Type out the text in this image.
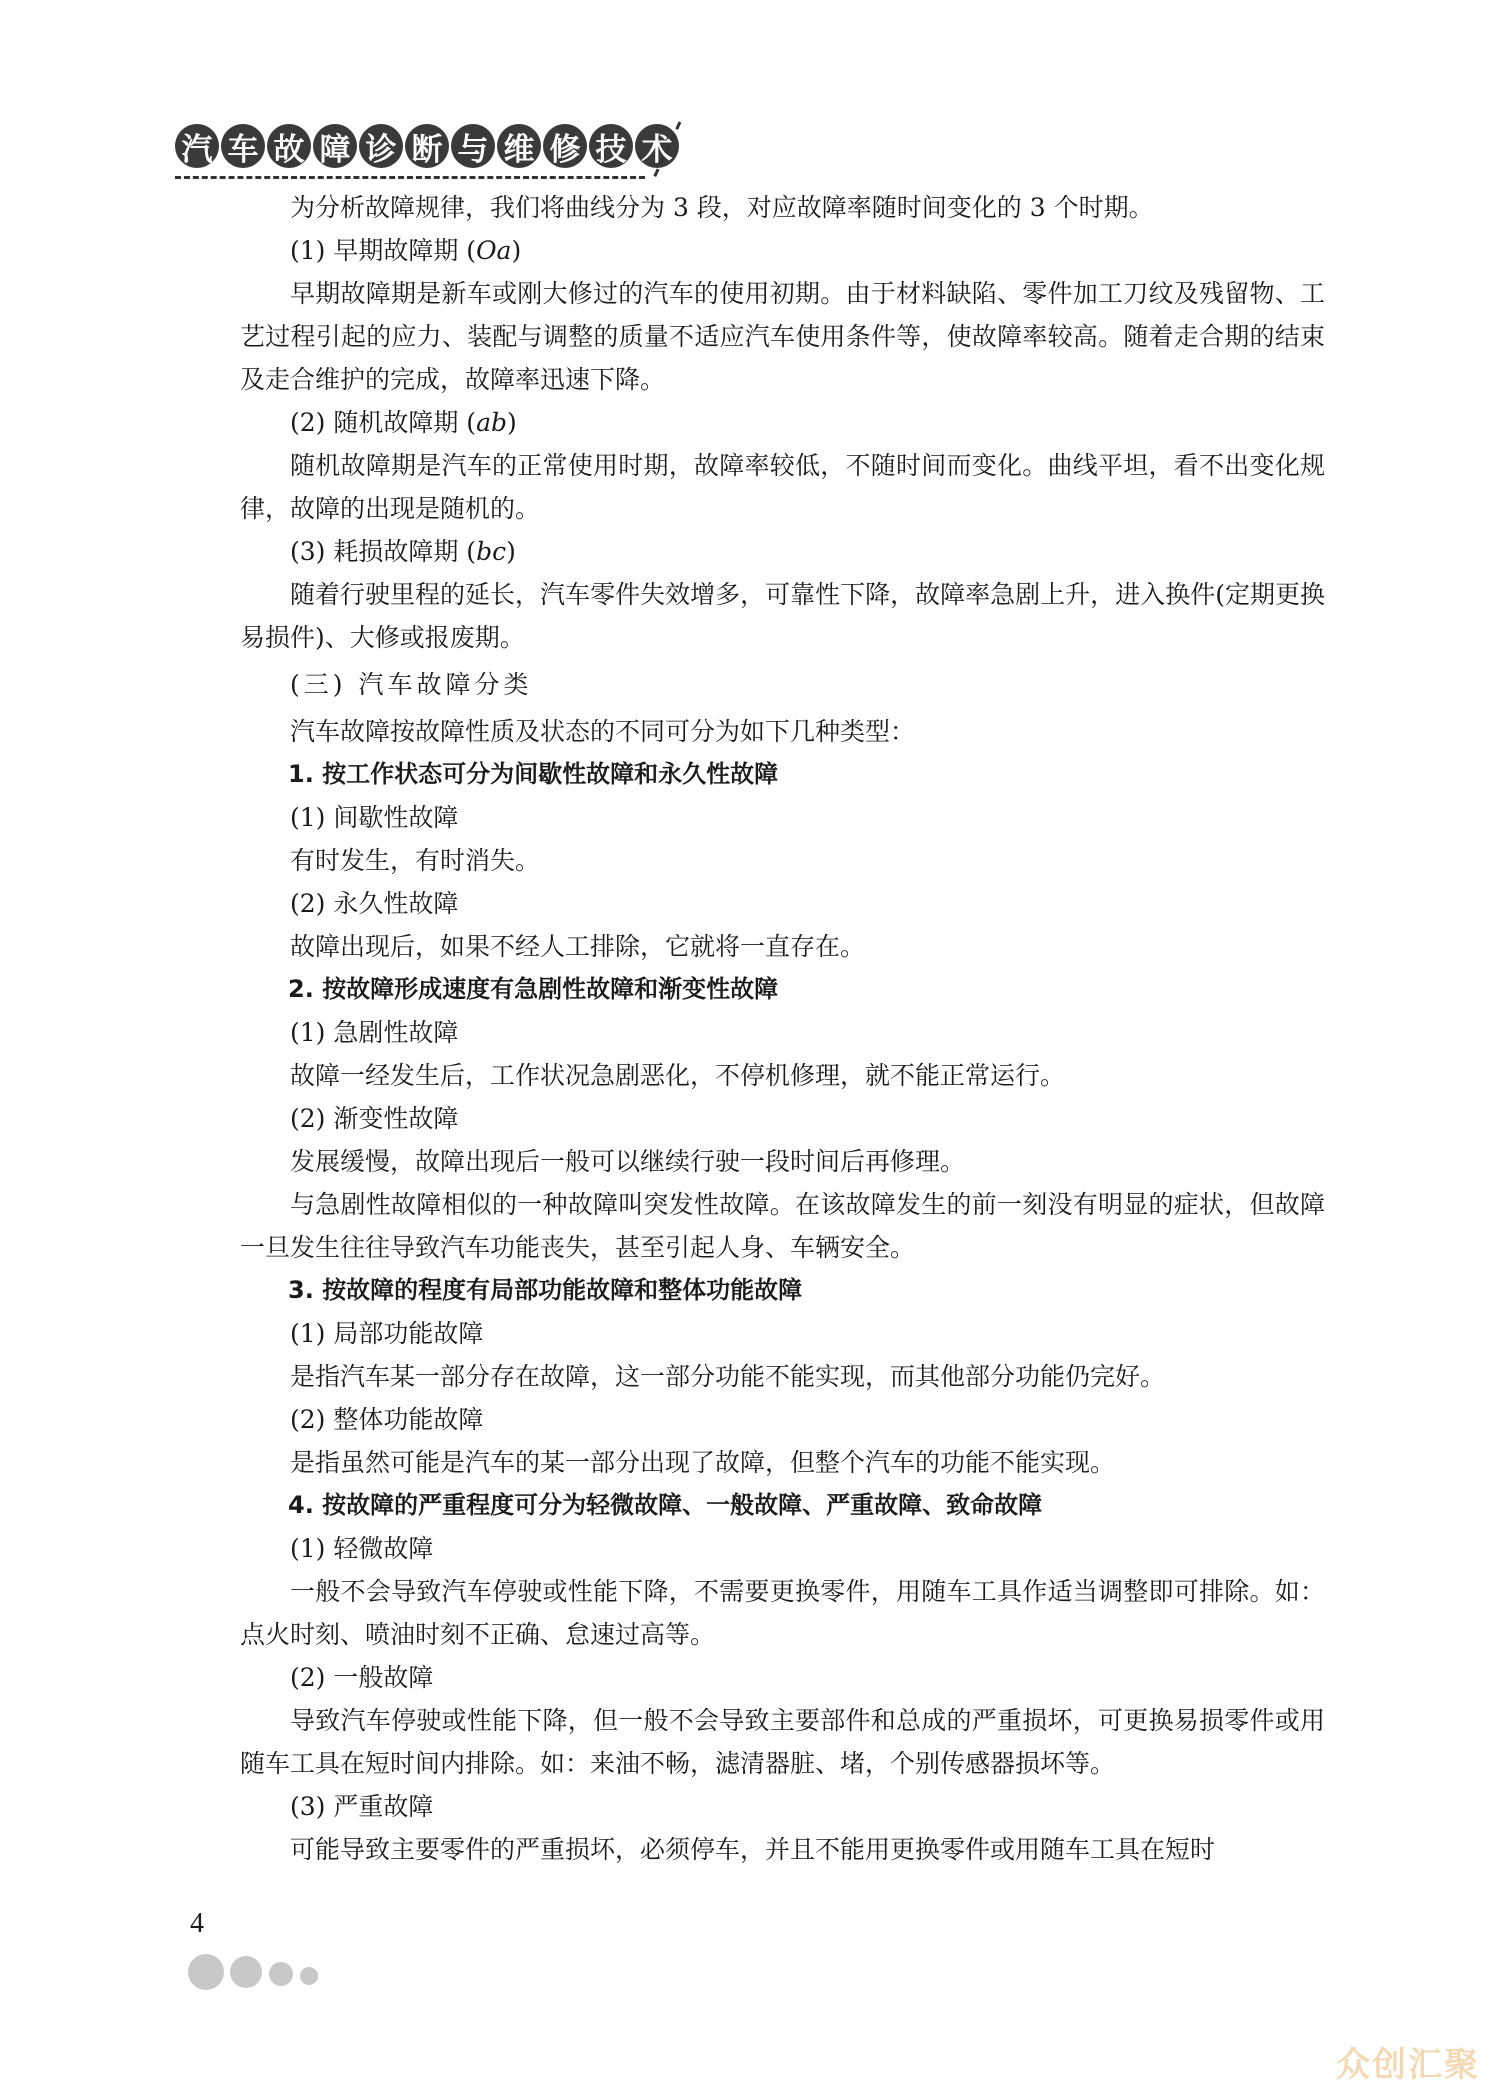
汽 车 故 障 诊 断 与 维 修 技 术

为分析故障规律，我们将曲线分为 3 段，对应故障率随时间变化的 3 个时期。

(1) 早期故障期 (Oa)

早期故障期是新车或刚大修过的汽车的使用初期。由于材料缺陷、零件加工刀纹及残留物、工艺过程引起的应力、装配与调整的质量不适应汽车使用条件等，使故障率较高。随着走合期的结束及走合维护的完成，故障率迅速下降。

(2) 随机故障期 (ab)

随机故障期是汽车的正常使用时期，故障率较低，不随时间而变化。曲线平坦，看不出变化规律，故障的出现是随机的。

(3) 耗损故障期 (bc)

随着行驶里程的延长，汽车零件失效增多，可靠性下降，故障率急剧上升，进入换件(定期更换易损件)、大修或报废期。

(三) 汽车故障分类

汽车故障按故障性质及状态的不同可分为如下几种类型：

1. 按工作状态可分为间歇性故障和永久性故障

(1) 间歇性故障

有时发生，有时消失。

(2) 永久性故障

故障出现后，如果不经人工排除，它就将一直存在。

2. 按故障形成速度有急剧性故障和渐变性故障

(1) 急剧性故障

故障一经发生后，工作状况急剧恶化，不停机修理，就不能正常运行。

(2) 渐变性故障

发展缓慢，故障出现后一般可以继续行驶一段时间后再修理。

与急剧性故障相似的一种故障叫突发性故障。在该故障发生的前一刻没有明显的症状，但故障一旦发生往往导致汽车功能丧失，甚至引起人身、车辆安全。

3. 按故障的程度有局部功能故障和整体功能故障

(1) 局部功能故障

是指汽车某一部分存在故障，这一部分功能不能实现，而其他部分功能仍完好。

(2) 整体功能故障

是指虽然可能是汽车的某一部分出现了故障，但整个汽车的功能不能实现。

4. 按故障的严重程度可分为轻微故障、一般故障、严重故障、致命故障

(1) 轻微故障

一般不会导致汽车停驶或性能下降，不需要更换零件，用随车工具作适当调整即可排除。如：点火时刻、喷油时刻不正确、怠速过高等。

(2) 一般故障

导致汽车停驶或性能下降，但一般不会导致主要部件和总成的严重损坏，可更换易损零件或用随车工具在短时间内排除。如：来油不畅，滤清器脏、堵，个别传感器损坏等。

(3) 严重故障

可能导致主要零件的严重损坏，必须停车，并且不能用更换零件或用随车工具在短时

4
众创汇聚
